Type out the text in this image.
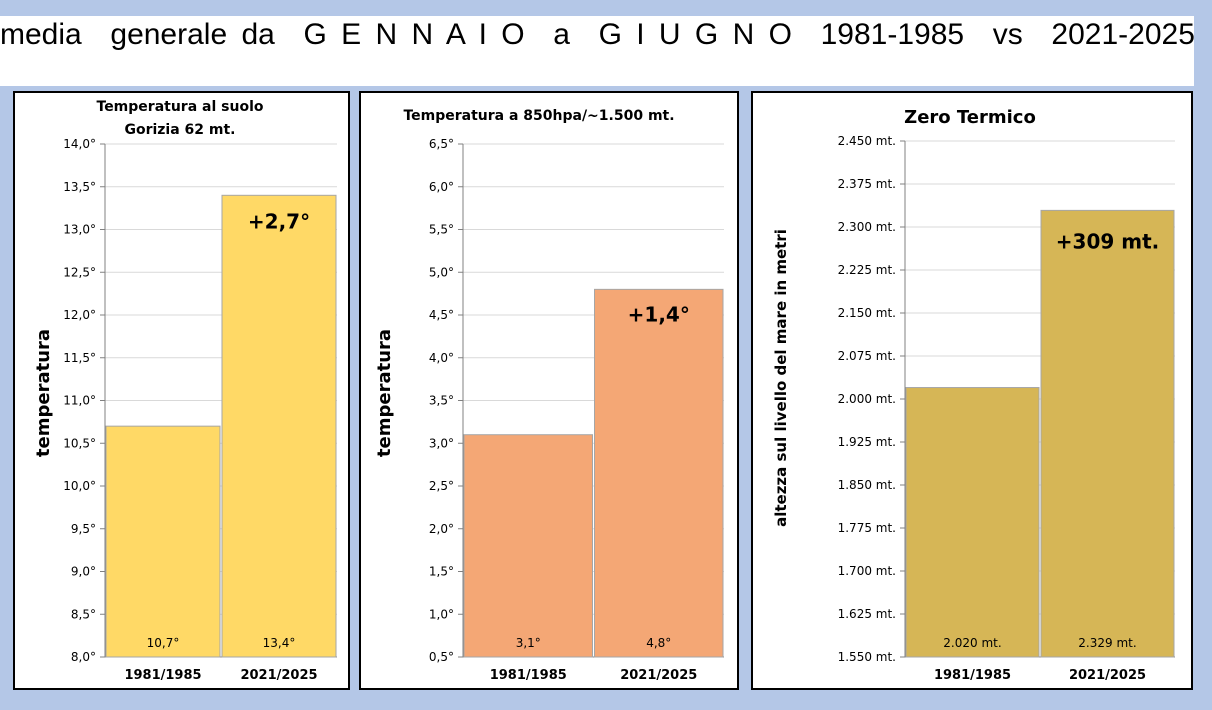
media  generale da  G E N N A I O  a  G I U G N O  1981-1985  vs  2021-2025
8,0°
8,5°
9,0°
9,5°
10,0°
10,5°
11,0°
11,5°
12,0°
12,5°
13,0°
13,5°
14,0°
10,7°
1981/1985
13,4°
2021/2025
+2,7°
Temperatura al suolo
Gorizia 62 mt.
temperatura
0,5°
1,0°
1,5°
2,0°
2,5°
3,0°
3,5°
4,0°
4,5°
5,0°
5,5°
6,0°
6,5°
3,1°
1981/1985
4,8°
2021/2025
+1,4°
Temperatura a 850hpa/~1.500 mt.
temperatura
1.550 mt.
1.625 mt.
1.700 mt.
1.775 mt.
1.850 mt.
1.925 mt.
2.000 mt.
2.075 mt.
2.150 mt.
2.225 mt.
2.300 mt.
2.375 mt.
2.450 mt.
2.020 mt.
1981/1985
2.329 mt.
2021/2025
+309 mt.
Zero Termico
altezza sul livello del mare in metri
